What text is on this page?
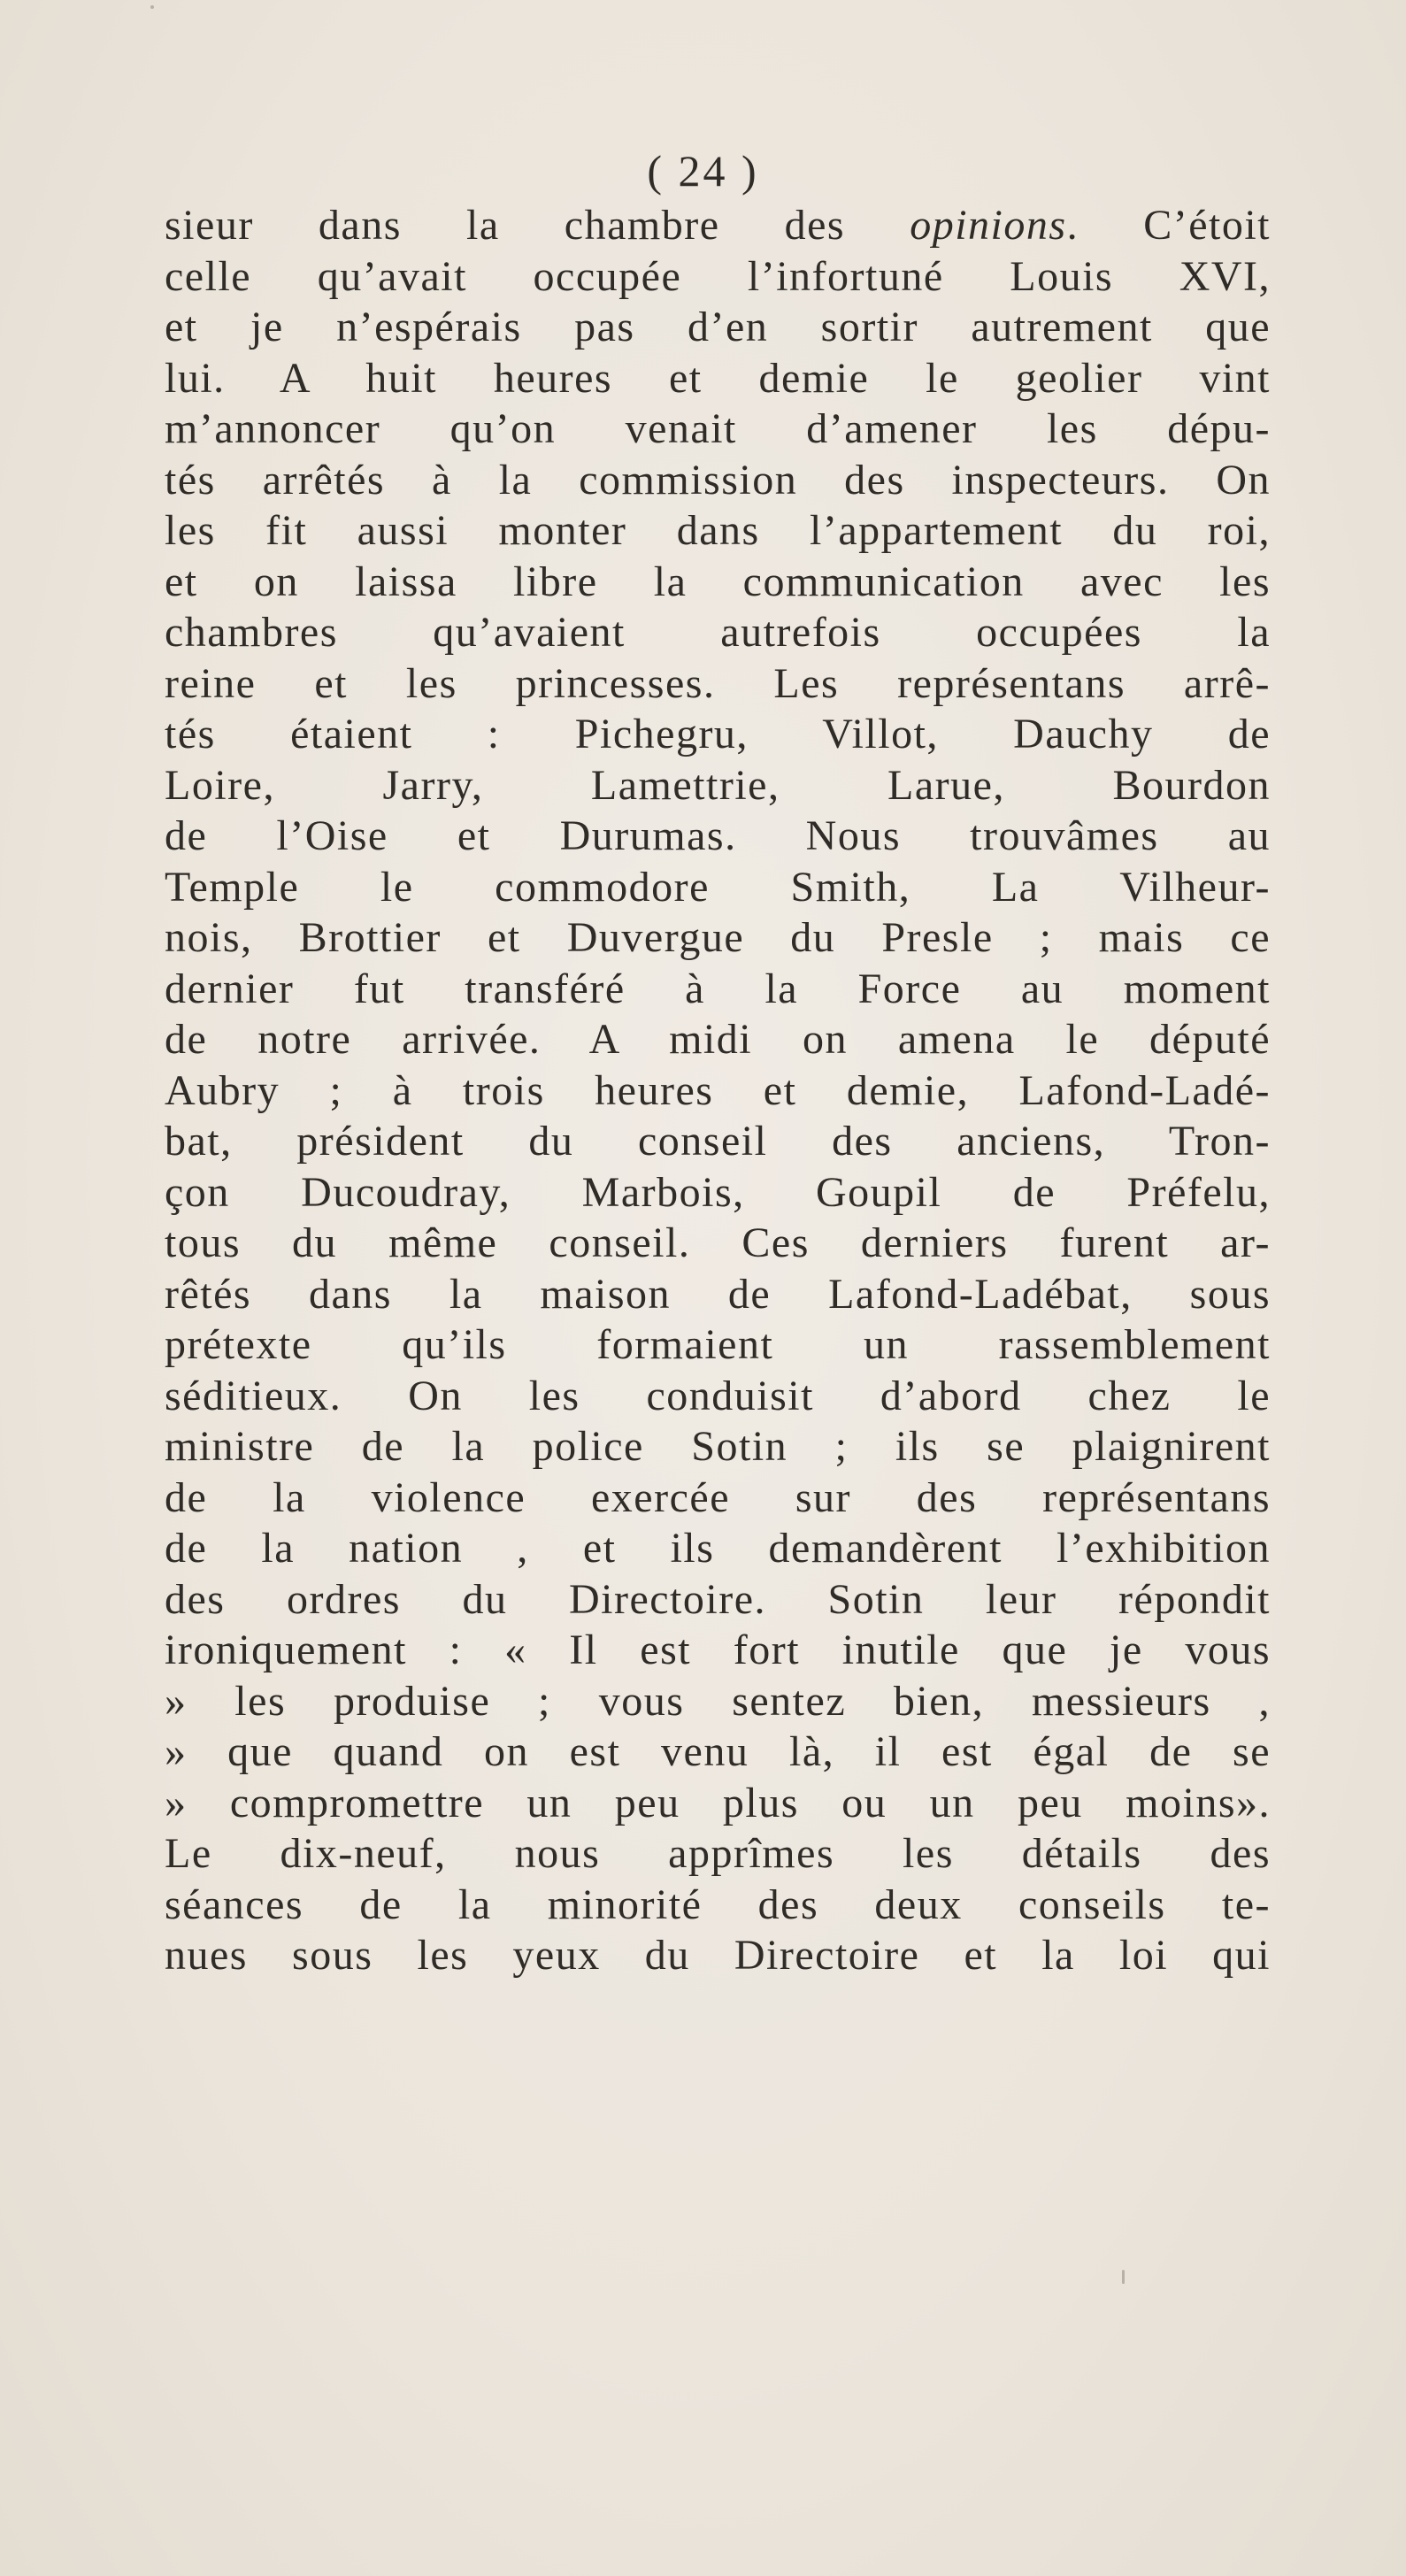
( 24 )
sieur dans la chambre des opinions. C’étoit
celle qu’avait occupée l’infortuné Louis XVI,
et je n’espérais pas d’en sortir autrement que
lui. A huit heures et demie le geolier vint
m’annoncer qu’on venait d’amener les dépu-
tés arrêtés à la commission des inspecteurs. On
les fit aussi monter dans l’appartement du roi,
et on laissa libre la communication avec les
chambres qu’avaient autrefois occupées la
reine et les princesses. Les représentans arrê-
tés étaient : Pichegru, Villot, Dauchy de
Loire, Jarry, Lamettrie, Larue, Bourdon
de l’Oise et Durumas. Nous trouvâmes au
Temple le commodore Smith, La Vilheur-
nois, Brottier et Duvergue du Presle ; mais ce
dernier fut transféré à la Force au moment
de notre arrivée. A midi on amena le député
Aubry ; à trois heures et demie, Lafond-Ladé-
bat, président du conseil des anciens, Tron-
çon Ducoudray, Marbois, Goupil de Préfelu,
tous du même conseil. Ces derniers furent ar-
rêtés dans la maison de Lafond-Ladébat, sous
prétexte qu’ils formaient un rassemblement
séditieux. On les conduisit d’abord chez le
ministre de la police Sotin ; ils se plaignirent
de la violence exercée sur des représentans
de la nation , et ils demandèrent l’exhibition
des ordres du Directoire. Sotin leur répondit
ironiquement : « Il est fort inutile que je vous
» les produise ; vous sentez bien, messieurs ,
» que quand on est venu là, il est égal de se
» compromettre un peu plus ou un peu moins».
Le dix-neuf, nous apprîmes les détails des
séances de la minorité des deux conseils te-
nues sous les yeux du Directoire et la loi qui
